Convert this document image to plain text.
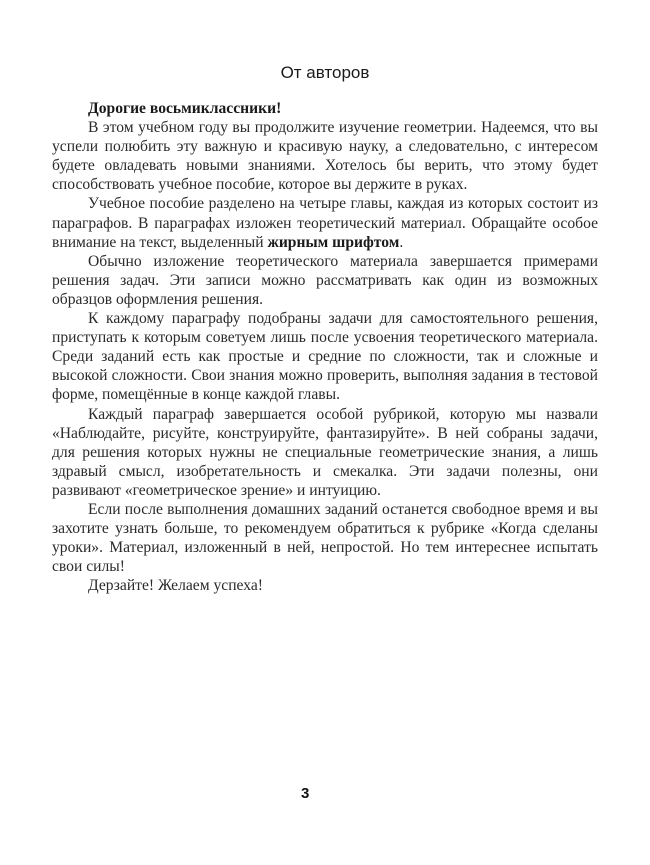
От авторов

Дорогие восьмиклассники!

В этом учебном году вы продолжите изучение геометрии. Надеемся, что вы успели полюбить эту важную и красивую науку, а следовательно, с интересом будете овладевать новыми знаниями. Хотелось бы верить, что этому будет способствовать учебное пособие, которое вы держите в руках.

Учебное пособие разделено на четыре главы, каждая из которых состоит из параграфов. В параграфах изложен теоретический материал. Обращайте особое внимание на текст, выделенный жирным шрифтом.

Обычно изложение теоретического материала завершается примерами решения задач. Эти записи можно рассматривать как один из возможных образцов оформления решения.

К каждому параграфу подобраны задачи для самостоятельного решения, приступать к которым советуем лишь после усвоения теоретического материала. Среди заданий есть как простые и средние по сложности, так и сложные и высокой сложности. Свои знания можно проверить, выполняя задания в тестовой форме, помещённые в конце каждой главы.

Каждый параграф завершается особой рубрикой, которую мы назвали «Наблюдайте, рисуйте, конструируйте, фантазируйте». В ней собраны задачи, для решения которых нужны не специальные геометрические знания, а лишь здравый смысл, изобретательность и смекалка. Эти задачи полезны, они развивают «геометрическое зрение» и интуицию.

Если после выполнения домашних заданий останется свободное время и вы захотите узнать больше, то рекомендуем обратиться к рубрике «Когда сделаны уроки». Материал, изложенный в ней, непростой. Но тем интереснее испытать свои силы!

Дерзайте! Желаем успеха!

3
